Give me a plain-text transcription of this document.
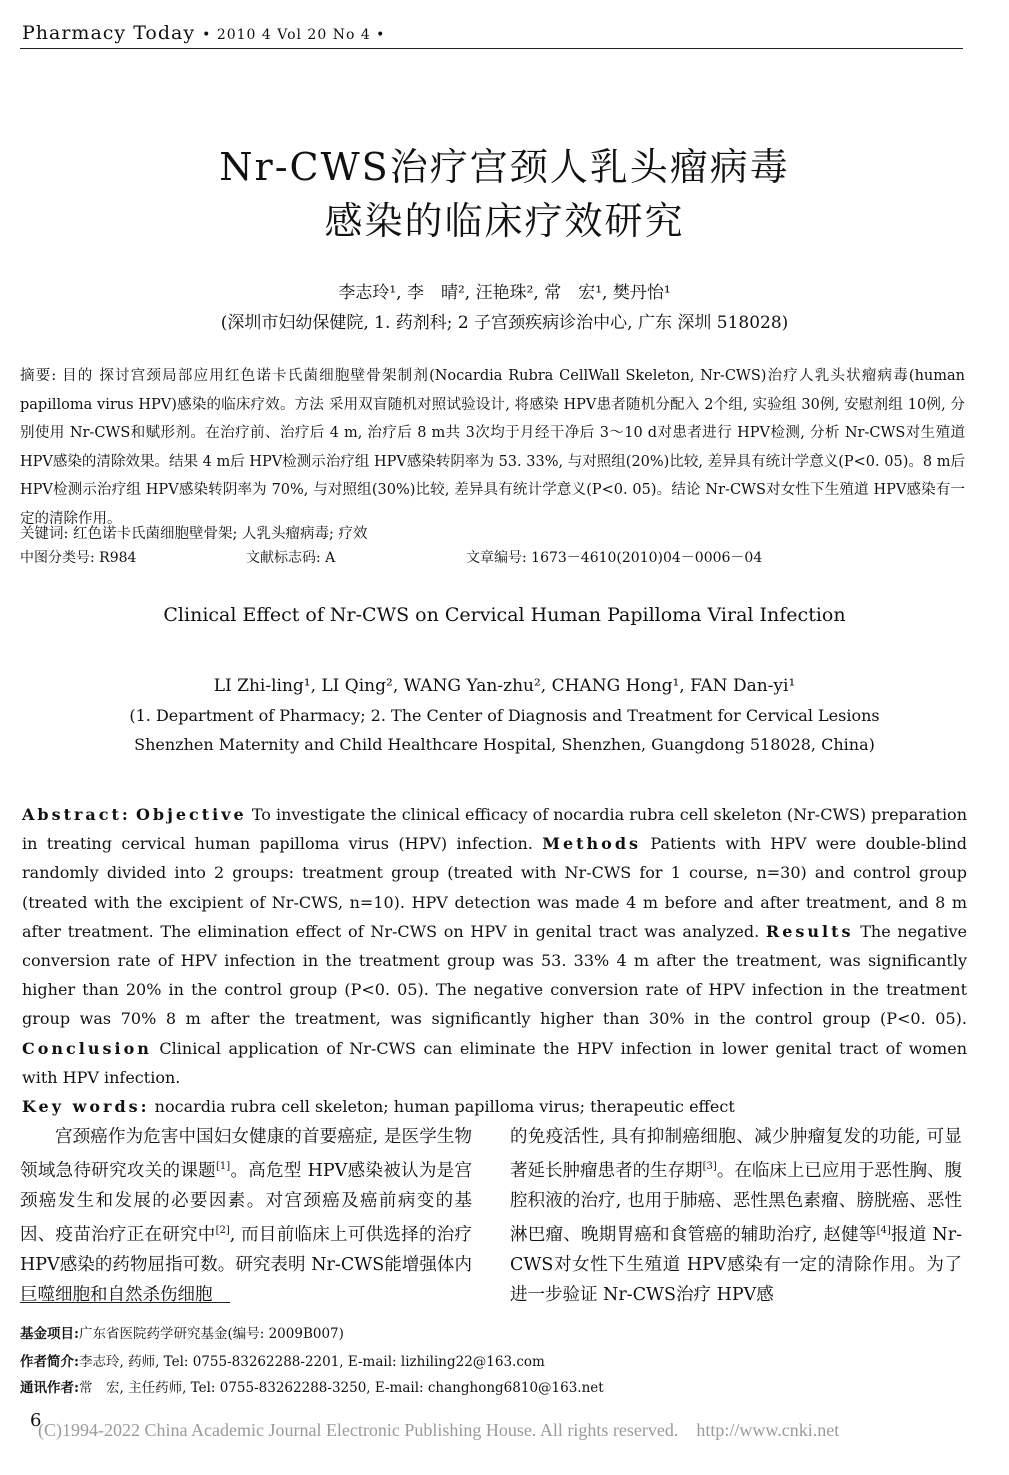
Pharmacy Today • 2010 4 Vol 20 No 4 •
Nr-CWS治疗宫颈人乳头瘤病毒
感染的临床疗效研究
李志玲¹, 李　晴², 汪艳珠², 常　宏¹, 樊丹怡¹
(深圳市妇幼保健院, 1. 药剂科; 2 子宫颈疾病诊治中心, 广东 深圳 518028)
摘要: 目的 探讨宫颈局部应用红色诺卡氏菌细胞壁骨架制剂(Nocardia Rubra CellWall Skeleton, Nr-CWS)治疗人乳头状瘤病毒(human papilloma virus HPV)感染的临床疗效。方法 采用双盲随机对照试验设计, 将感染 HPV患者随机分配入 2个组, 实验组 30例, 安慰剂组 10例, 分别使用 Nr-CWS和赋形剂。在治疗前、治疗后 4 m, 治疗后 8 m共 3次均于月经干净后 3～10 d对患者进行 HPV检测, 分析 Nr-CWS对生殖道 HPV感染的清除效果。结果 4 m后 HPV检测示治疗组 HPV感染转阴率为 53. 33%, 与对照组(20%)比较, 差异具有统计学意义(P<0. 05)。8 m后 HPV检测示治疗组 HPV感染转阴率为 70%, 与对照组(30%)比较, 差异具有统计学意义(P<0. 05)。结论 Nr-CWS对女性下生殖道 HPV感染有一定的清除作用。
关键词: 红色诺卡氏菌细胞壁骨架; 人乳头瘤病毒; 疗效
中图分类号: R984	文献标志码: A	文章编号: 1673－4610(2010)04－0006－04
Clinical Effect of Nr-CWS on Cervical Human Papilloma Viral Infection
LI Zhi-ling¹, LI Qing², WANG Yan-zhu², CHANG Hong¹, FAN Dan-yi¹
(1. Department of Pharmacy; 2. The Center of Diagnosis and Treatment for Cervical Lesions
Shenzhen Maternity and Child Healthcare Hospital, Shenzhen, Guangdong 518028, China)
Abstract: Objective To investigate the clinical efficacy of nocardia rubra cell skeleton (Nr-CWS) preparation in treating cervical human papilloma virus (HPV) infection. Methods Patients with HPV were double-blind randomly divided into 2 groups: treatment group (treated with Nr-CWS for 1 course, n=30) and control group (treated with the excipient of Nr-CWS, n=10). HPV detection was made 4 m before and after treatment, and 8 m after treatment. The elimination effect of Nr-CWS on HPV in genital tract was analyzed. Results The negative conversion rate of HPV infection in the treatment group was 53. 33% 4 m after the treatment, was significantly higher than 20% in the control group (P<0. 05). The negative conversion rate of HPV infection in the treatment group was 70% 8 m after the treatment, was significantly higher than 30% in the control group (P<0. 05). Conclusion Clinical application of Nr-CWS can eliminate the HPV infection in lower genital tract of women with HPV infection.
Key words: nocardia rubra cell skeleton; human papilloma virus; therapeutic effect
宫颈癌作为危害中国妇女健康的首要癌症, 是医学生物领域急待研究攻关的课题[1]。高危型 HPV感染被认为是宫颈癌发生和发展的必要因素。对宫颈癌及癌前病变的基因、疫苗治疗正在研究中[2], 而目前临床上可供选择的治疗 HPV感染的药物屈指可数。研究表明 Nr-CWS能增强体内巨噬细胞和自然杀伤细胞
的免疫活性, 具有抑制癌细胞、减少肿瘤复发的功能, 可显著延长肿瘤患者的生存期[3]。在临床上已应用于恶性胸、腹腔积液的治疗, 也用于肺癌、恶性黑色素瘤、膀胱癌、恶性淋巴瘤、晚期胃癌和食管癌的辅助治疗, 赵健等[4]报道 Nr-CWS对女性下生殖道 HPV感染有一定的清除作用。为了进一步验证 Nr-CWS治疗 HPV感
基金项目:广东省医院药学研究基金(编号: 2009B007)
作者简介:李志玲, 药师, Tel: 0755-83262288-2201, E-mail: lizhiling22@163.com
通讯作者:常　宏, 主任药师, Tel: 0755-83262288-3250, E-mail: changhong6810@163.net
6
(C)1994-2022 China Academic Journal Electronic Publishing House. All rights reserved.    http://www.cnki.net
